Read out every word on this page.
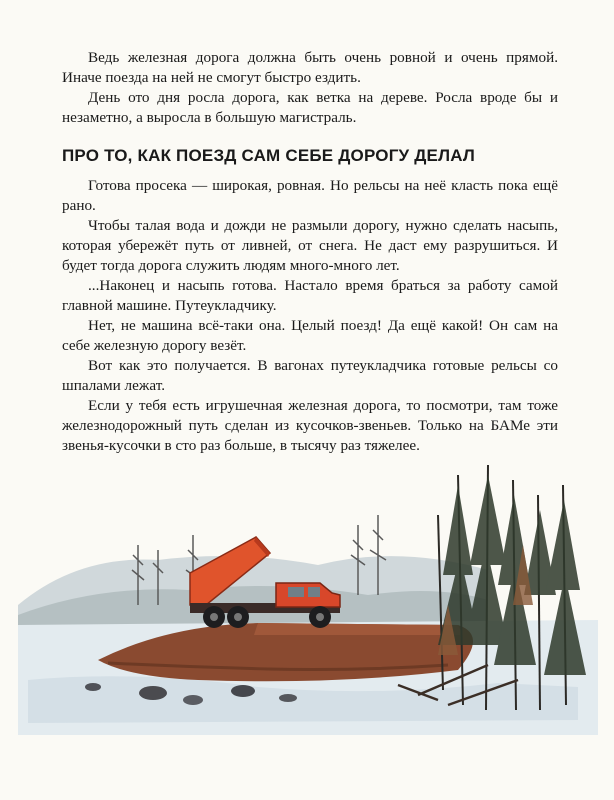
Ведь железная дорога должна быть очень ровной и очень прямой. Иначе поезда на ней не смогут быстро ездить.

День ото дня росла дорога, как ветка на дереве. Росла вроде бы и незаметно, а выросла в большую магистраль.

ПРО ТО, КАК ПОЕЗД САМ СЕБЕ ДОРОГУ ДЕЛАЛ

Готова просека — широкая, ровная. Но рельсы на неё класть пока ещё рано.

Чтобы талая вода и дожди не размыли дорогу, нужно сделать насыпь, которая убережёт путь от ливней, от снега. Не даст ему разрушиться. И будет тогда дорога служить людям много-много лет.

...Наконец и насыпь готова. Настало время браться за работу самой главной машине. Путеукладчику.

Нет, не машина всё-таки она. Целый поезд! Да ещё какой! Он сам на себе железную дорогу везёт.

Вот как это получается. В вагонах путеукладчика готовые рельсы со шпалами лежат.

Если у тебя есть игрушечная железная дорога, то посмотри, там тоже железнодорожный путь сделан из кусочков-звеньев. Только на БАМе эти звенья-кусочки в сто раз больше, в тысячу раз тяжелее.
